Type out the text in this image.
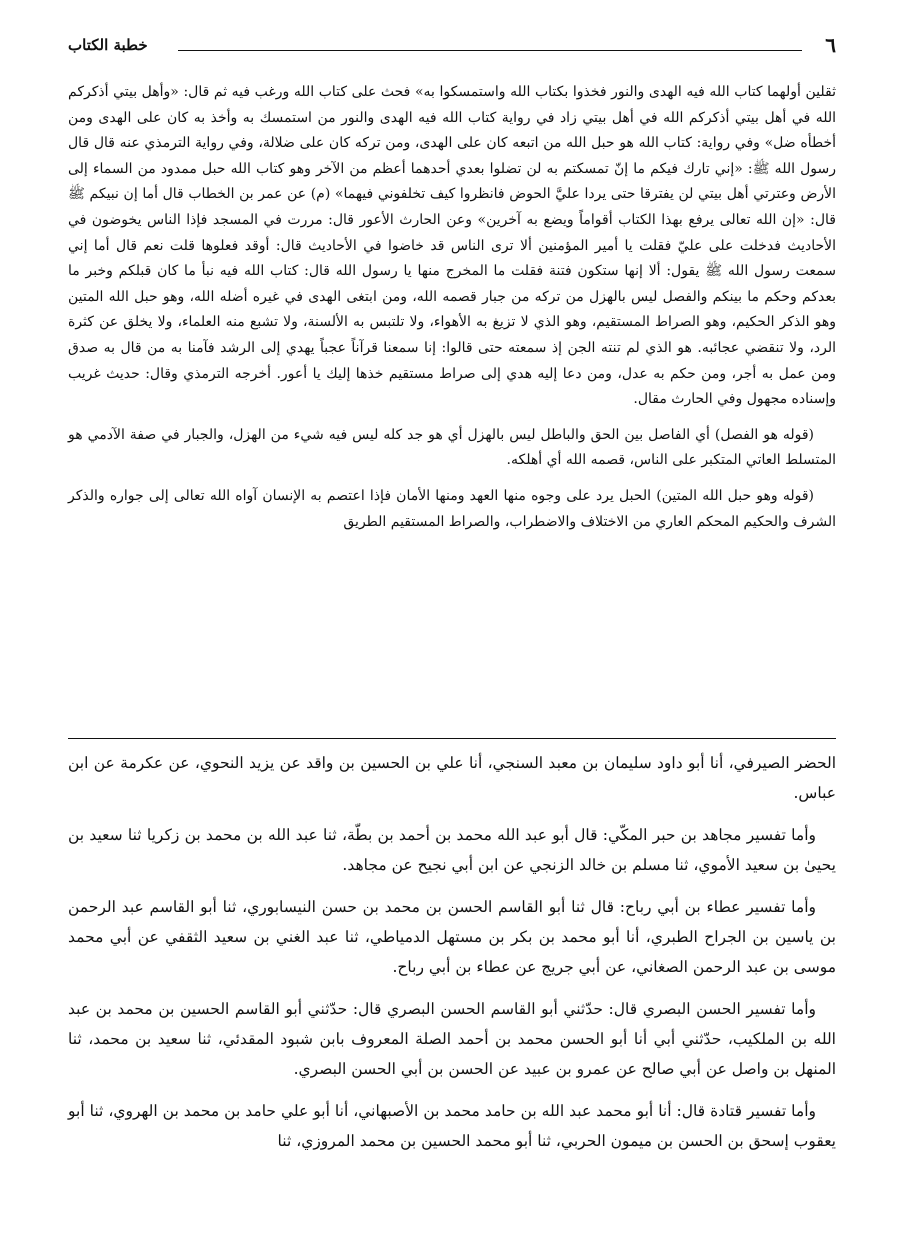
٦
خطبة الكتاب

ثقلين أولهما كتاب الله فيه الهدى والنور فخذوا بكتاب الله واستمسكوا به» فحث على كتاب الله ورغب فيه ثم قال: «وأهل بيتي أذكركم الله في أهل بيتي أذكركم الله في أهل بيتي زاد في رواية كتاب الله فيه الهدى والنور من استمسك به وأخذ به كان على الهدى ومن أخطأه ضل» وفي رواية: كتاب الله هو حبل الله من اتبعه كان على الهدى، ومن تركه كان على ضلالة، وفي رواية الترمذي عنه قال قال رسول الله ﷺ: «إني تارك فيكم ما إنّ تمسكتم به لن تضلوا بعدي أحدهما أعظم من الآخر وهو كتاب الله حبل ممدود من السماء إلى الأرض وعترتي أهل بيتي لن يفترقا حتى يردا عليَّ الحوض فانظروا كيف تخلفوني فيهما» (م) عن عمر بن الخطاب قال أما إن نبيكم ﷺ قال: «إن الله تعالى يرفع بهذا الكتاب أقواماً ويضع به آخرين» وعن الحارث الأعور قال: مررت في المسجد فإذا الناس يخوضون في الأحاديث فدخلت على عليّ فقلت يا أمير المؤمنين ألا ترى الناس قد خاضوا في الأحاديث قال: أوقد فعلوها قلت نعم قال أما إني سمعت رسول الله ﷺ يقول: ألا إنها ستكون فتنة فقلت ما المخرج منها يا رسول الله قال: كتاب الله فيه نبأ ما كان قبلكم وخبر ما بعدكم وحكم ما بينكم والفصل ليس بالهزل من تركه من جبار قصمه الله، ومن ابتغى الهدى في غيره أضله الله، وهو حبل الله المتين وهو الذكر الحكيم، وهو الصراط المستقيم، وهو الذي لا تزيغ به الأهواء، ولا تلتبس به الألسنة، ولا تشبع منه العلماء، ولا يخلق عن كثرة الرد، ولا تنقضي عجائبه. هو الذي لم تنته الجن إذ سمعته حتى قالوا: إنا سمعنا قرآناً عجباً يهدي إلى الرشد فآمنا به من قال به صدق ومن عمل به أجر، ومن حكم به عدل، ومن دعا إليه هدي إلى صراط مستقيم خذها إليك يا أعور. أخرجه الترمذي وقال: حديث غريب وإسناده مجهول وفي الحارث مقال.

(قوله هو الفصل) أي الفاصل بين الحق والباطل ليس بالهزل أي هو جد كله ليس فيه شيء من الهزل، والجبار في صفة الآدمي هو المتسلط العاتي المتكبر على الناس، قصمه الله أي أهلكه.

(قوله وهو حبل الله المتين) الحبل يرد على وجوه منها العهد ومنها الأمان فإذا اعتصم به الإنسان آواه الله تعالى إلى جواره والذكر الشرف والحكيم المحكم العاري من الاختلاف والاضطراب، والصراط المستقيم الطريق

الحضر الصيرفي، أنا أبو داود سليمان بن معبد السنجي، أنا علي بن الحسين بن واقد عن يزيد النحوي، عن عكرمة عن ابن عباس.

وأما تفسير مجاهد بن حبر المكّي: قال أبو عبد الله محمد بن أحمد بن بطّة، ثنا عبد الله بن محمد بن زكريا ثنا سعيد بن يحيىٰ بن سعيد الأموي، ثنا مسلم بن خالد الزنجي عن ابن أبي نجيح عن مجاهد.

وأما تفسير عطاء بن أبي رباح: قال ثنا أبو القاسم الحسن بن محمد بن حسن النيسابوري، ثنا أبو القاسم عبد الرحمن بن ياسين بن الجراح الطبري، أنا أبو محمد بن بكر بن مستهل الدمياطي، ثنا عبد الغني بن سعيد الثقفي عن أبي محمد موسى بن عبد الرحمن الصغاني، عن أبي جريج عن عطاء بن أبي رباح.

وأما تفسير الحسن البصري قال: حدّثني أبو القاسم الحسن البصري قال: حدّثني أبو القاسم الحسين بن محمد بن عبد الله بن الملكيب، حدّثني أبي أنا أبو الحسن محمد بن أحمد الصلة المعروف بابن شبود المقدئي، ثنا سعيد بن محمد، ثنا المنهل بن واصل عن أبي صالح عن عمرو بن عبيد عن الحسن بن أبي الحسن البصري.

وأما تفسير قتادة قال: أنا أبو محمد عبد الله بن حامد محمد بن الأصبهاني، أنا أبو علي حامد بن محمد بن الهروي، ثنا أبو يعقوب إسحق بن الحسن بن ميمون الحربي، ثنا أبو محمد الحسين بن محمد المروزي، ثنا
